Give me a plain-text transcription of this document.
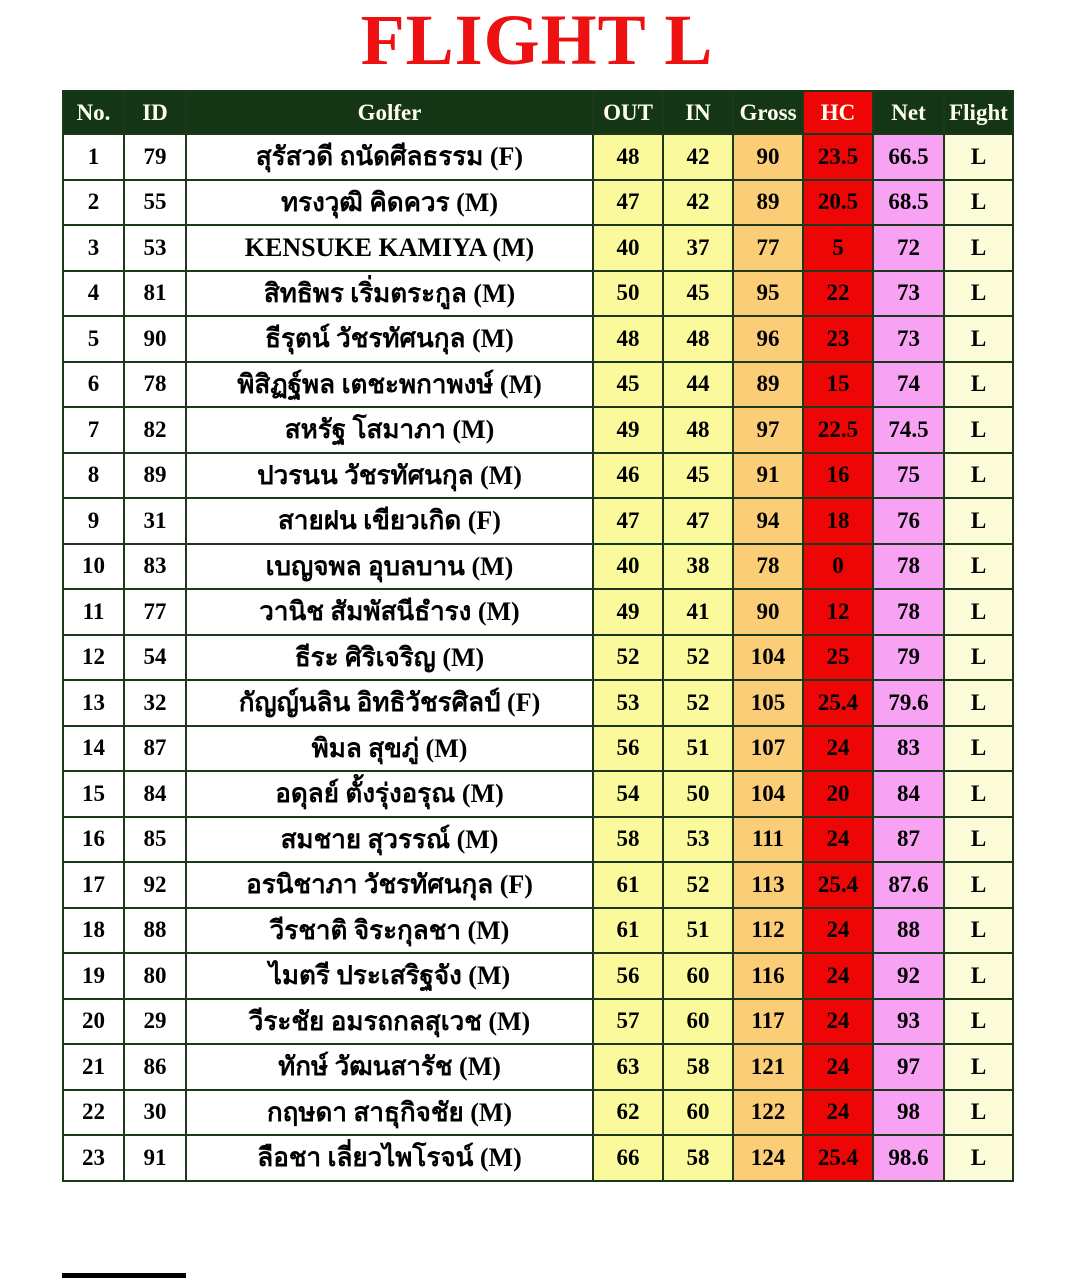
FLIGHT L
No.	ID	Golfer	OUT	IN	Gross	HC	Net	Flight
1	79	สุรัสวดี ถนัดศีลธรรม (F)	48	42	90	23.5	66.5	L
2	55	ทรงวุฒิ คิดควร (M)	47	42	89	20.5	68.5	L
3	53	KENSUKE KAMIYA (M)	40	37	77	5	72	L
4	81	สิทธิพร เริ่มตระกูล (M)	50	45	95	22	73	L
5	90	ธีรุตน์ วัชรทัศนกุล (M)	48	48	96	23	73	L
6	78	พิสิฏฐ์พล เตชะพกาพงษ์ (M)	45	44	89	15	74	L
7	82	สหรัฐ โสมาภา (M)	49	48	97	22.5	74.5	L
8	89	ปวรนน วัชรทัศนกุล (M)	46	45	91	16	75	L
9	31	สายฝน เขียวเกิด (F)	47	47	94	18	76	L
10	83	เบญจพล อุบลบาน (M)	40	38	78	0	78	L
11	77	วานิช สัมพัสนีธำรง (M)	49	41	90	12	78	L
12	54	ธีระ ศิริเจริญ (M)	52	52	104	25	79	L
13	32	กัญญ์นลิน อิทธิวัชรศิลป์ (F)	53	52	105	25.4	79.6	L
14	87	พิมล สุขภู่ (M)	56	51	107	24	83	L
15	84	อดุลย์ ตั้งรุ่งอรุณ (M)	54	50	104	20	84	L
16	85	สมชาย สุวรรณ์ (M)	58	53	111	24	87	L
17	92	อรนิชาภา วัชรทัศนกุล (F)	61	52	113	25.4	87.6	L
18	88	วีรชาติ จิระกุลชา (M)	61	51	112	24	88	L
19	80	ไมตรี ประเสริฐจัง (M)	56	60	116	24	92	L
20	29	วีระชัย อมรถกลสุเวช (M)	57	60	117	24	93	L
21	86	ทักษ์ วัฒนสารัช (M)	63	58	121	24	97	L
22	30	กฤษดา สาธุกิจชัย (M)	62	60	122	24	98	L
23	91	ลือชา เลี่ยวไพโรจน์ (M)	66	58	124	25.4	98.6	L
